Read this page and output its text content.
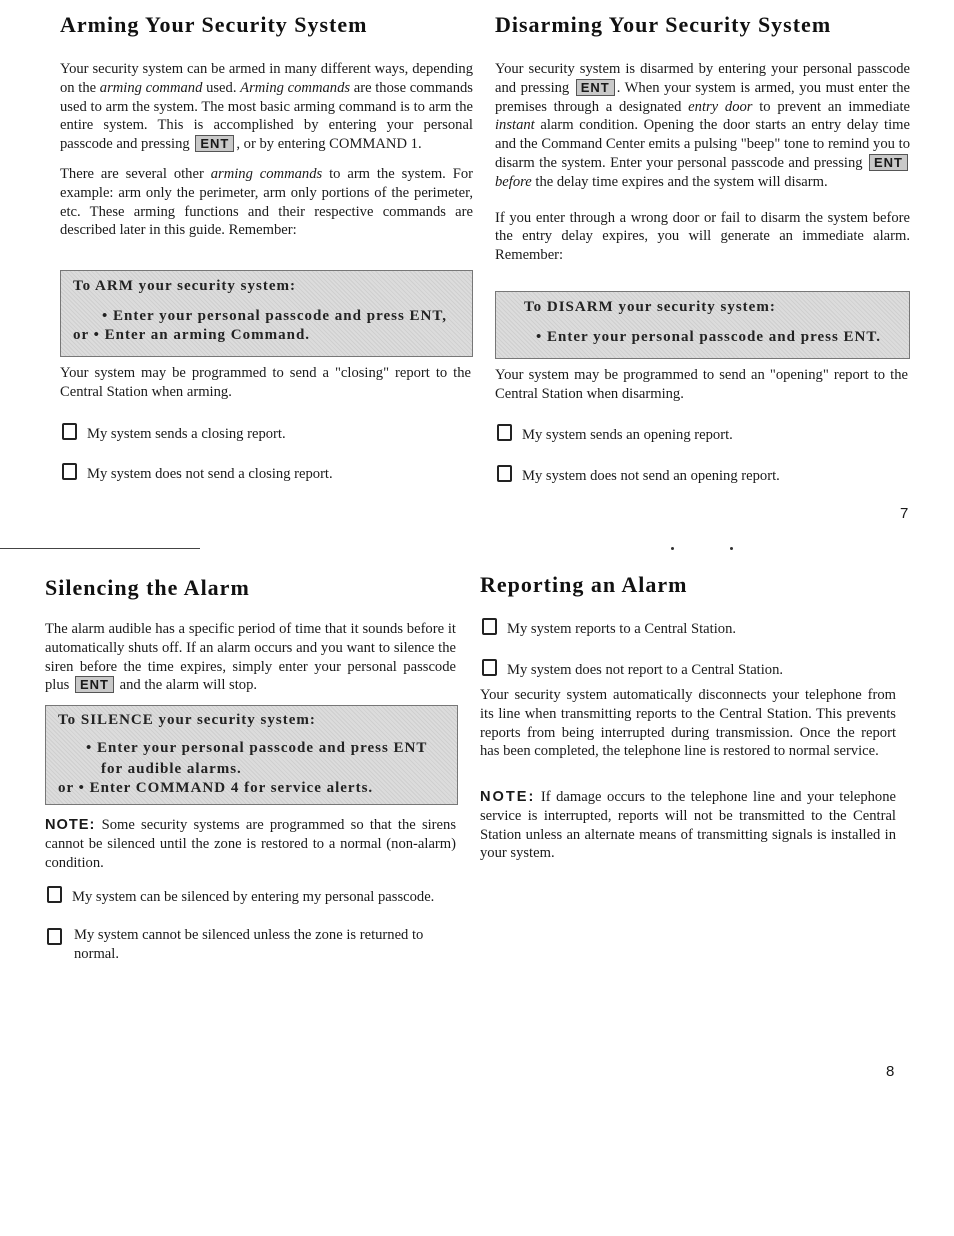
Arming Your Security System

Your security system can be armed in many different ways, depending on the arming command used. Arming commands are those commands used to arm the system. The most basic arming command is to arm the entire system. This is accomplished by entering your personal passcode and pressing ENT , or by entering COMMAND 1.

There are several other arming commands to arm the system. For example: arm only the perimeter, arm only portions of the perimeter, etc. These arming functions and their respective commands are described later in this guide. Remember:

To ARM your security system:
• Enter your personal passcode and press ENT,
or • Enter an arming Command.

Your system may be programmed to send a "closing" report to the Central Station when arming.

My system sends a closing report.
My system does not send a closing report.
Disarming Your Security System

Your security system is disarmed by entering your personal passcode and pressing ENT . When your system is armed, you must enter the premises through a designated entry door to prevent an immediate instant alarm condition. Opening the door starts an entry delay time and the Command Center emits a pulsing "beep" tone to remind you to disarm the system. Enter your personal passcode and pressing ENTbefore the delay time expires and the system will disarm.

If you enter through a wrong door or fail to disarm the system before the entry delay expires, you will generate an immediate alarm. Remember:

To DISARM your security system:
• Enter your personal passcode and press ENT.

Your system may be programmed to send an "opening" report to the Central Station when disarming.

My system sends an opening report.
My system does not send an opening report.
7
Silencing the Alarm

The alarm audible has a specific period of time that it sounds before it automatically shuts off. If an alarm occurs and you want to silence the siren before the time expires, simply enter your personal passcode plus ENT and the alarm will stop.

To SILENCE your security system:
• Enter your personal passcode and press ENT
for audible alarms.
or • Enter COMMAND 4 for service alerts.

NOTE: Some security systems are programmed so that the sirens cannot be silenced until the zone is restored to a normal (non-alarm) condition.

My system can be silenced by entering my personal passcode.
My system cannot be silenced unless the zone is returned to normal.
Reporting an Alarm
My system reports to a Central Station.
My system does not report to a Central Station.

Your security system automatically disconnects your telephone from its line when transmitting reports to the Central Station. This prevents reports from being interrupted during transmission. Once the report has been completed, the telephone line is restored to normal service.

NOTE: If damage occurs to the telephone line and your telephone service is interrupted, reports will not be transmitted to the Central Station unless an alternate means of transmitting signals is installed in your system.

8
